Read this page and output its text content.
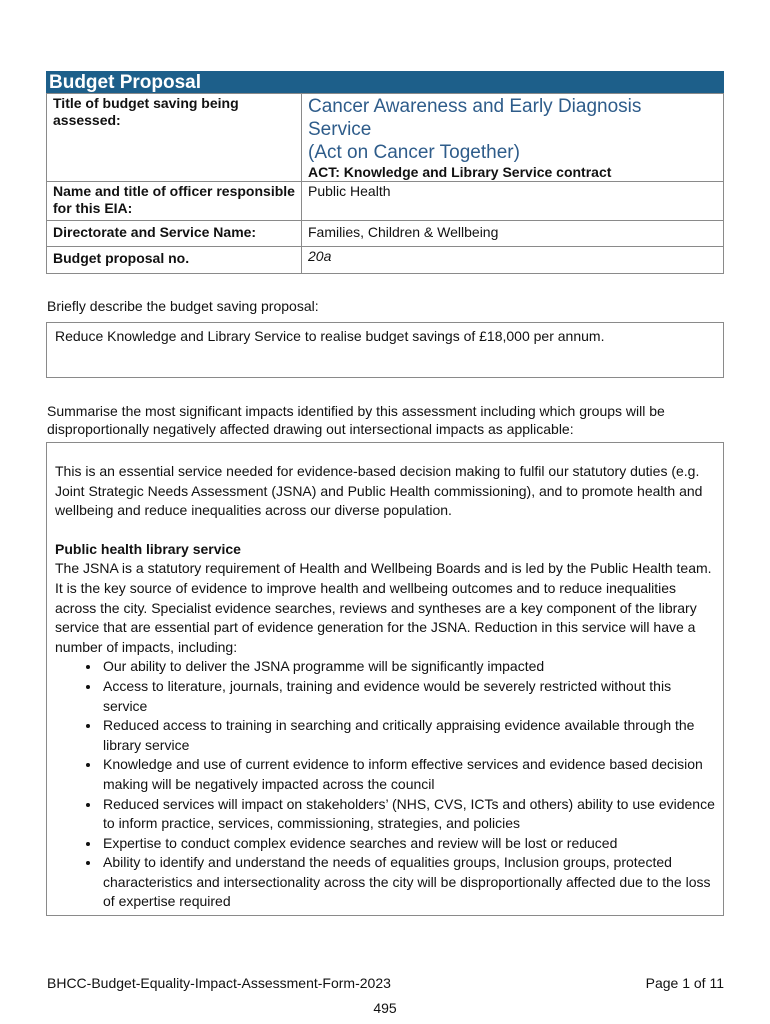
Budget Proposal
Title of budget saving being assessed:	Cancer Awareness and Early Diagnosis
Service
(Act on Cancer Together)
ACT: Knowledge and Library Service contract

Name and title of officer responsible for this EIA:	Public Health
Directorate and Service Name:	Families, Children & Wellbeing
Budget proposal no.	20a
Briefly describe the budget saving proposal:

Reduce Knowledge and Library Service to realise budget savings of £18,000 per annum.

Summarise the most significant impacts identified by this assessment including which groups will be disproportionally negatively affected drawing out intersectional impacts as applicable:

This is an essential service needed for evidence-based decision making to fulfil our statutory duties (e.g. Joint Strategic Needs Assessment (JSNA) and Public Health commissioning), and to promote health and wellbeing and reduce inequalities across our diverse population.

Public health library service

The JSNA is a statutory requirement of Health and Wellbeing Boards and is led by the Public Health team. It is the key source of evidence to improve health and wellbeing outcomes and to reduce inequalities across the city. Specialist evidence searches, reviews and syntheses are a key component of the library service that are essential part of evidence generation for the JSNA. Reduction in this service will have a number of impacts, including:

• Our ability to deliver the JSNA programme will be significantly impacted
• Access to literature, journals, training and evidence would be severely restricted without this service
• Reduced access to training in searching and critically appraising evidence available through the library service
• Knowledge and use of current evidence to inform effective services and evidence based decision making will be negatively impacted across the council
• Reduced services will impact on stakeholders’ (NHS, CVS, ICTs and others) ability to use evidence to inform practice, services, commissioning, strategies, and policies
• Expertise to conduct complex evidence searches and review will be lost or reduced
• Ability to identify and understand the needs of equalities groups, Inclusion groups, protected characteristics and intersectionality across the city will be disproportionally affected due to the loss of expertise required
BHCC-Budget-Equality-Impact-Assessment-Form-2023	Page 1 of 11
495
